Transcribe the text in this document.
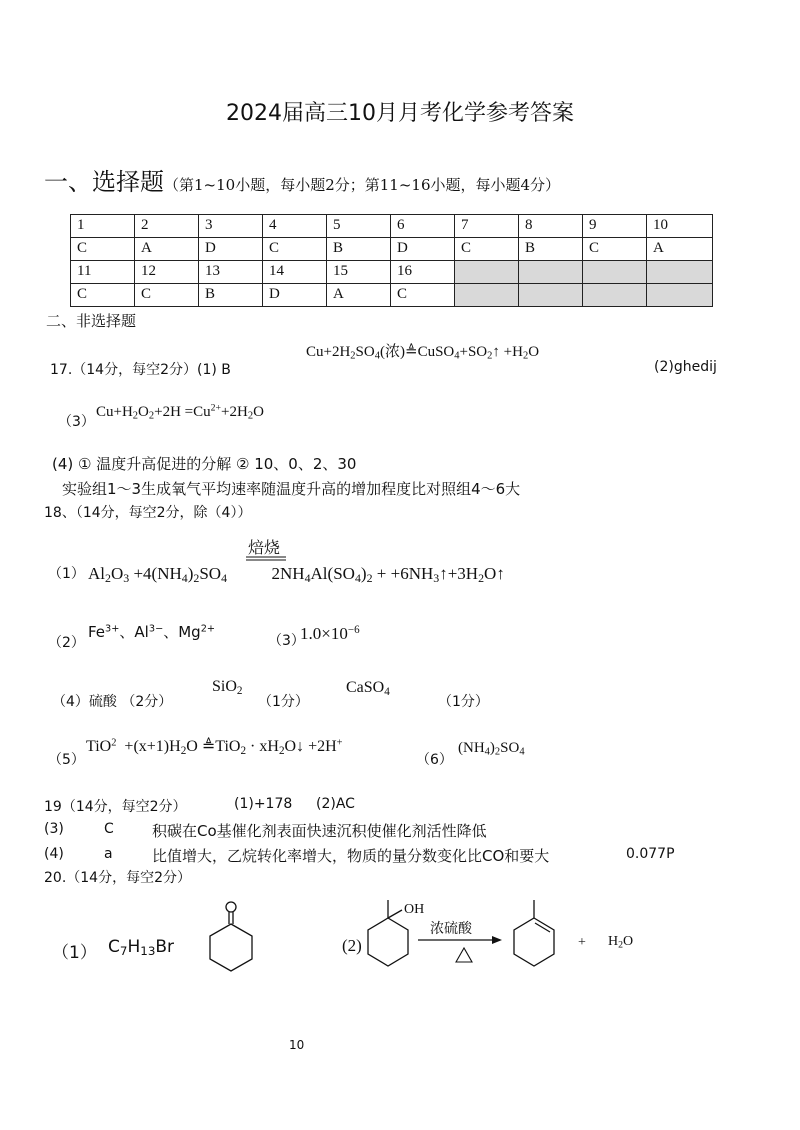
2024届高三10月月考化学参考答案
一、选择题（第1~10小题，每小题2分；第11~16小题，每小题4分）
1	2	3	4	5	6	7	8	9	10
C	A	D	C	B	D	C	B	C	A
11	12	13	14	15	16				
C	C	B	D	A	C				
二、非选择题
$Cu+2H_2SO_4$(浓)$≜CuSO_4+SO_2↑ +H_2O$
17.（14分，每空2分）(1) B	(2)ghedij
（3）
$Cu+H_2O_2+2H =Cu^{2+}+2H_2O$
(4) ① 温度升高促进的分解 ② 10、0、2、30
实验组1～3生成氧气平均速率随温度升高的增加程度比对照组4～6大
18、（14分，每空2分，除（4））
焙烧
（1） $Al_2O_3 +4(NH_4)_2SO_4$	$2NH_4Al(SO_4)_2$ + $+6NH_3↑+3H_2O↑$
（2）
$Fe^{3+}$、$Al^{3-}$、$Mg^{2+}$
（3）
$1.0\times 10^{-6}$
（4）硫酸 （2分）
SiO$_2$
（1分）
CaSO$_4$
（1分）
（5）
$TiO^2 +(x+1)H_2O$ ≜TiO$_2$ · $xH_2O↓ +2H^+$
（6）
$(NH_4)_2SO_4$
19（14分，每空2分）	(1)+178 (2)AC
(3)	C	积碳在Co基催化剂表面快速沉积使催化剂活性降低
(4)	a	比值增大，乙烷转化率增大，物质的量分数变化比CO和要大	0.077P
20.（14分，每空2分）
（1） $C_7H_{13}Br$	(2)
OH
浓硫酸
+ $H_2O$
10
